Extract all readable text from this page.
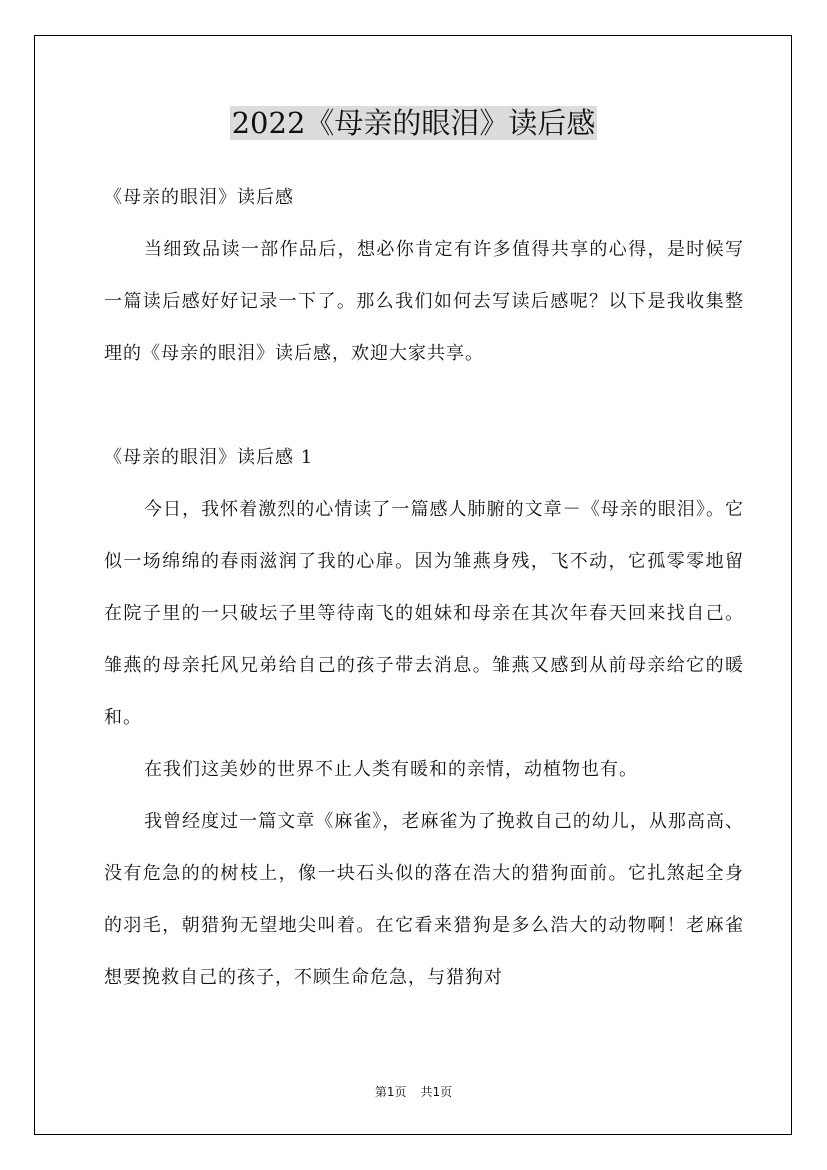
2022《母亲的眼泪》读后感

《母亲的眼泪》读后感

当细致品读一部作品后，想必你肯定有许多值得共享的心得，是时候写一篇读后感好好记录一下了。那么我们如何去写读后感呢？以下是我收集整理的《母亲的眼泪》读后感，欢迎大家共享。

《母亲的眼泪》读后感 1

今日，我怀着激烈的心情读了一篇感人肺腑的文章－《母亲的眼泪》。它似一场绵绵的春雨滋润了我的心扉。因为雏燕身残，飞不动，它孤零零地留在院子里的一只破坛子里等待南飞的姐妹和母亲在其次年春天回来找自己。雏燕的母亲托风兄弟给自己的孩子带去消息。雏燕又感到从前母亲给它的暖和。

在我们这美妙的世界不止人类有暖和的亲情，动植物也有。

我曾经度过一篇文章《麻雀》，老麻雀为了挽救自己的幼儿，从那高高、没有危急的的树枝上，像一块石头似的落在浩大的猎狗面前。它扎煞起全身的羽毛，朝猎狗无望地尖叫着。在它看来猎狗是多么浩大的动物啊！老麻雀想要挽救自己的孩子，不顾生命危急，与猎狗对

第1页 共1页
